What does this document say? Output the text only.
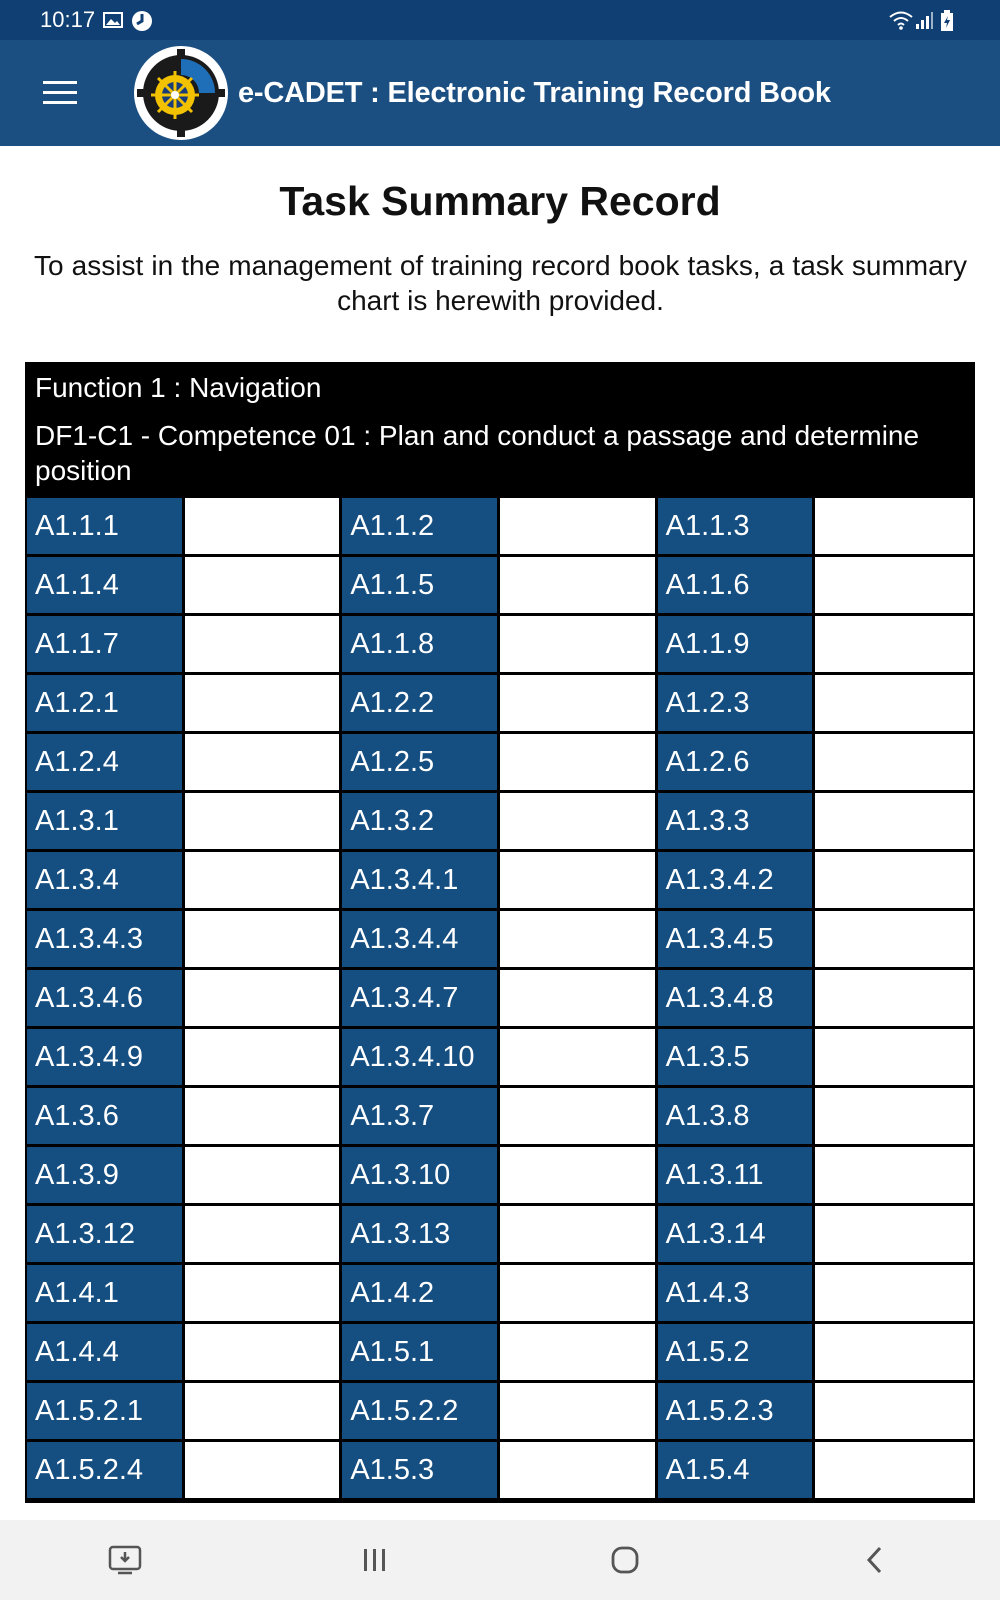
10:17
e-CADET : Electronic Training Record Book
Task Summary Record
To assist in the management of training record book tasks, a task summary chart is herewith provided.
Function 1 : Navigation
DF1-C1 - Competence 01 : Plan and conduct a passage and determine position
A1.1.1	A1.1.2	A1.1.3
A1.1.4	A1.1.5	A1.1.6
A1.1.7	A1.1.8	A1.1.9
A1.2.1	A1.2.2	A1.2.3
A1.2.4	A1.2.5	A1.2.6
A1.3.1	A1.3.2	A1.3.3
A1.3.4	A1.3.4.1	A1.3.4.2
A1.3.4.3	A1.3.4.4	A1.3.4.5
A1.3.4.6	A1.3.4.7	A1.3.4.8
A1.3.4.9	A1.3.4.10	A1.3.5
A1.3.6	A1.3.7	A1.3.8
A1.3.9	A1.3.10	A1.3.11
A1.3.12	A1.3.13	A1.3.14
A1.4.1	A1.4.2	A1.4.3
A1.4.4	A1.5.1	A1.5.2
A1.5.2.1	A1.5.2.2	A1.5.2.3
A1.5.2.4	A1.5.3	A1.5.4
